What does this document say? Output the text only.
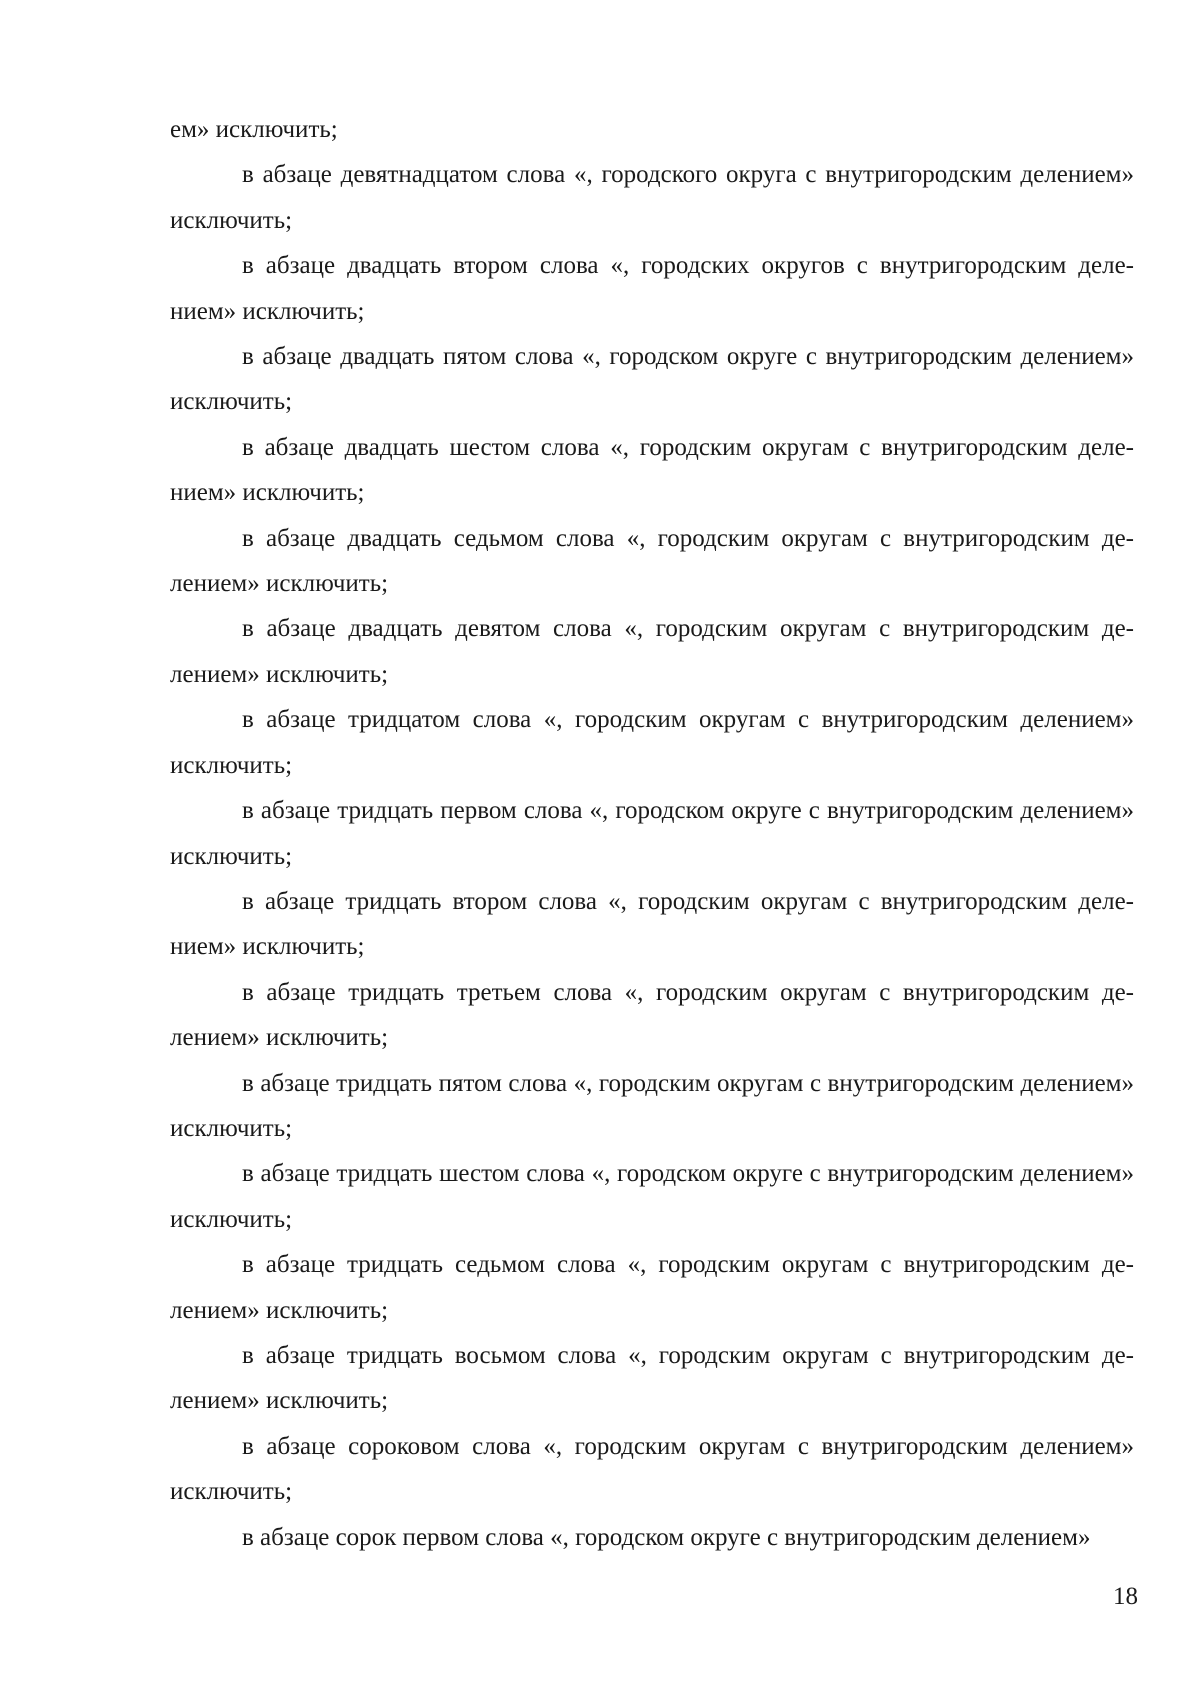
ем» исключить;

в абзаце девятнадцатом слова «, городского округа с внутригородским делением» исключить;

в абзаце двадцать втором слова «, городских округов с внутригородским делением» исключить;

в абзаце двадцать пятом слова «, городском округе с внутригородским делением» исключить;

в абзаце двадцать шестом слова «, городским округам с внутригородским делением» исключить;

в абзаце двадцать седьмом слова «, городским округам с внутригородским делением» исключить;

в абзаце двадцать девятом слова «, городским округам с внутригородским делением» исключить;

в абзаце тридцатом слова «, городским округам с внутригородским делением» исключить;

в абзаце тридцать первом слова «, городском округе с внутригородским делением» исключить;

в абзаце тридцать втором слова «, городским округам с внутригородским делением» исключить;

в абзаце тридцать третьем слова «, городским округам с внутригородским делением» исключить;

в абзаце тридцать пятом слова «, городским округам с внутригородским делением» исключить;

в абзаце тридцать шестом слова «, городском округе с внутригородским делением» исключить;

в абзаце тридцать седьмом слова «, городским округам с внутригородским делением» исключить;

в абзаце тридцать восьмом слова «, городским округам с внутригородским делением» исключить;

в абзаце сороковом слова «, городским округам с внутригородским делением» исключить;

в абзаце сорок первом слова «, городском округе с внутригородским делением»

18
